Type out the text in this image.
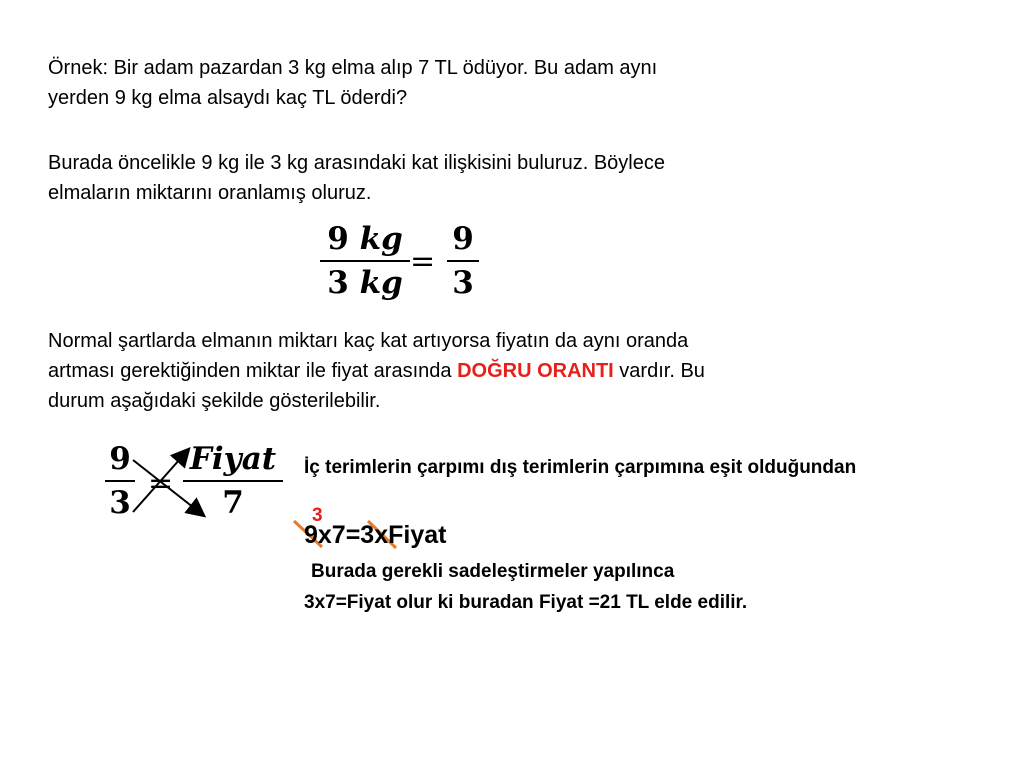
Örnek: Bir adam pazardan 3 kg elma alıp 7 TL ödüyor. Bu adam aynı
yerden 9 kg elma alsaydı kaç TL öderdi?

Burada öncelikle 9 kg ile 3 kg arasındaki kat ilişkisini buluruz. Böylece
elmaların miktarını oranlamış oluruz.

9 kg
3 kg
=
9
3

Normal şartlarda elmanın miktarı kaç kat artıyorsa fiyatın da aynı oranda
artması gerektiğinden miktar ile fiyat arasında DOĞRU ORANTI vardır. Bu
durum aşağıdaki şekilde gösterilebilir.

9
3
Fiyat
7
=	İç terimlerin çarpımı dış terimlerin çarpımına eşit olduğundan
3
9x7=3xFiyat
Burada gerekli sadeleştirmeler yapılınca
3x7=Fiyat olur ki buradan Fiyat =21 TL elde edilir.
